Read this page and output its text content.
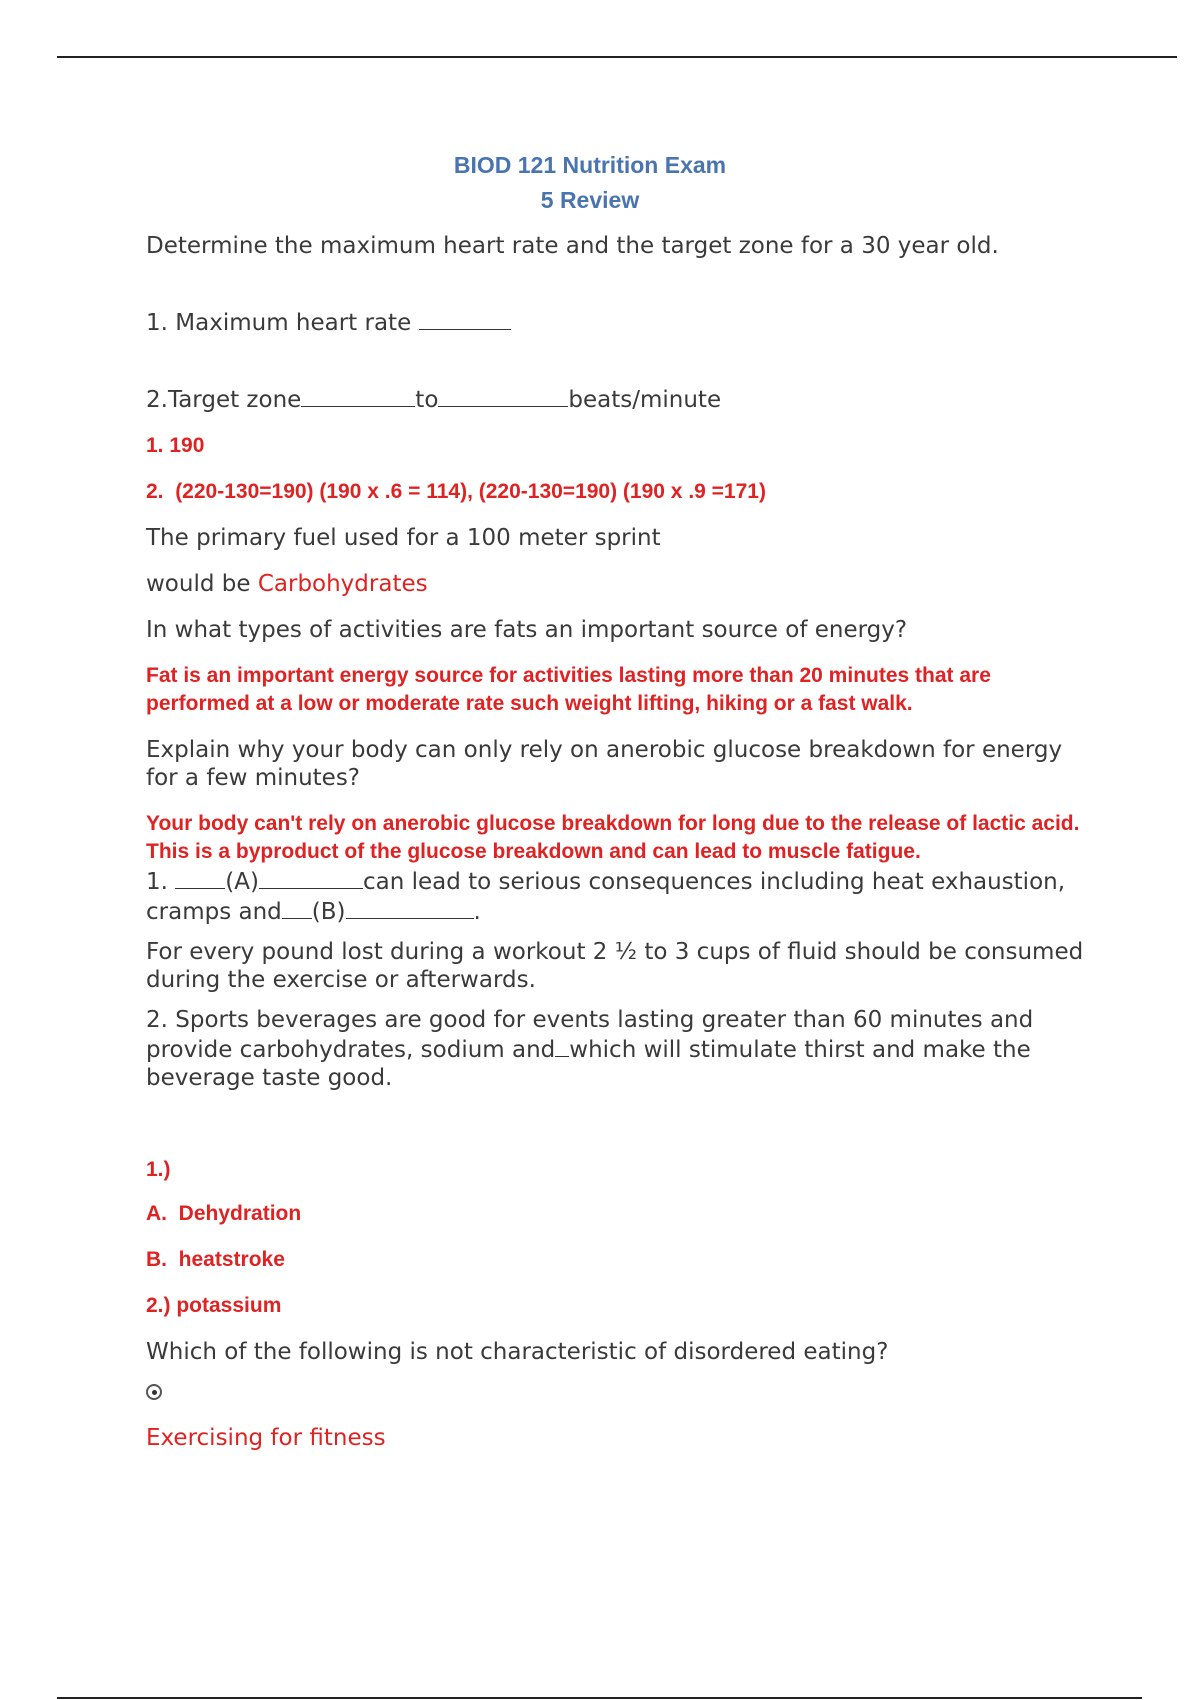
BIOD 121 Nutrition Exam
5 Review

Determine the maximum heart rate and the target zone for a 30 year old.

1. Maximum heart rate

2.Target zone	to	beats/minute

1. 190

2. (220-130=190) (190 x .6 = 114), (220-130=190) (190 x .9 =171)

The primary fuel used for a 100 meter sprint

would be Carbohydrates

In what types of activities are fats an important source of energy?

Fat is an important energy source for activities lasting more than 20 minutes that are performed at a low or moderate rate such weight lifting, hiking or a fast walk.

Explain why your body can only rely on anerobic glucose breakdown for energy for a few minutes?

Your body can't rely on anerobic glucose breakdown for long due to the release of lactic acid. This is a byproduct of the glucose breakdown and can lead to muscle fatigue.

1. (A)	can lead to serious consequences including heat exhaustion, cramps and (B)	.

For every pound lost during a workout 2 ½ to 3 cups of fluid should be consumed during the exercise or afterwards.

2. Sports beverages are good for events lasting greater than 60 minutes and provide carbohydrates, sodium and which will stimulate thirst and make the beverage taste good.

1.)

A. Dehydration

B. heatstroke

2.) potassium

Which of the following is not characteristic of disordered eating?

Exercising for fitness
